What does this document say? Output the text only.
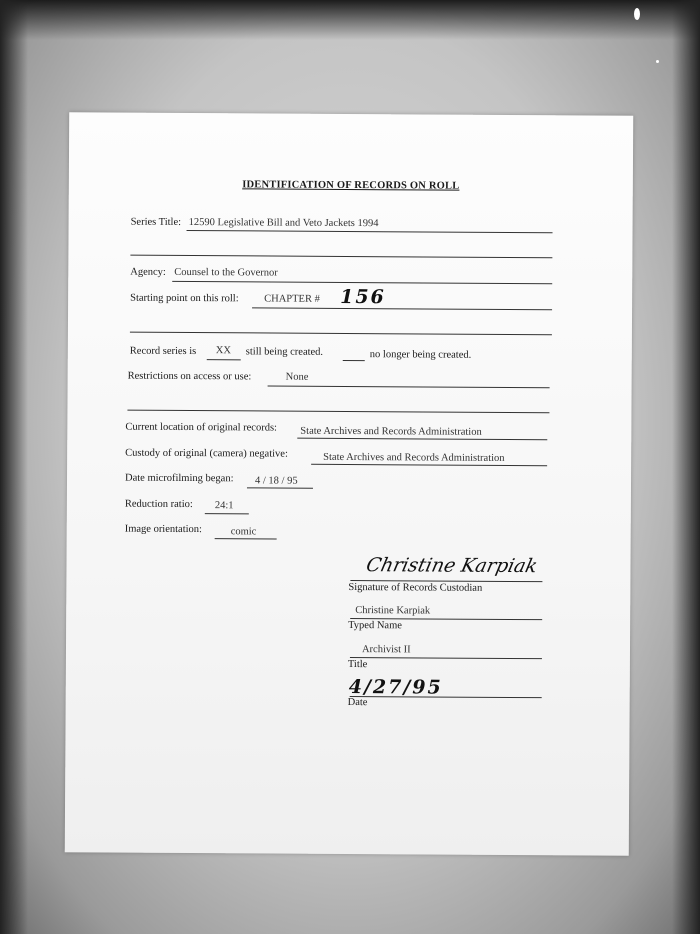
IDENTIFICATION OF RECORDS ON ROLL
Series Title: 12590 Legislative Bill and Veto Jackets 1994
Agency: Counsel to the Governor
Starting point on this roll: CHAPTER # 156
Record series is XX still being created.	no longer being created.
Restrictions on access or use:	None
Current location of original records: State Archives and Records Administration
Custody of original (camera) negative:	State Archives and Records Administration
Date microfilming began: 4 / 18 / 95
Reduction ratio: 24:1
Image orientation:	comic
Christine Karpiak
Signature of Records Custodian
Christine Karpiak
Typed Name
Archivist II
Title
4/27/95
Date
